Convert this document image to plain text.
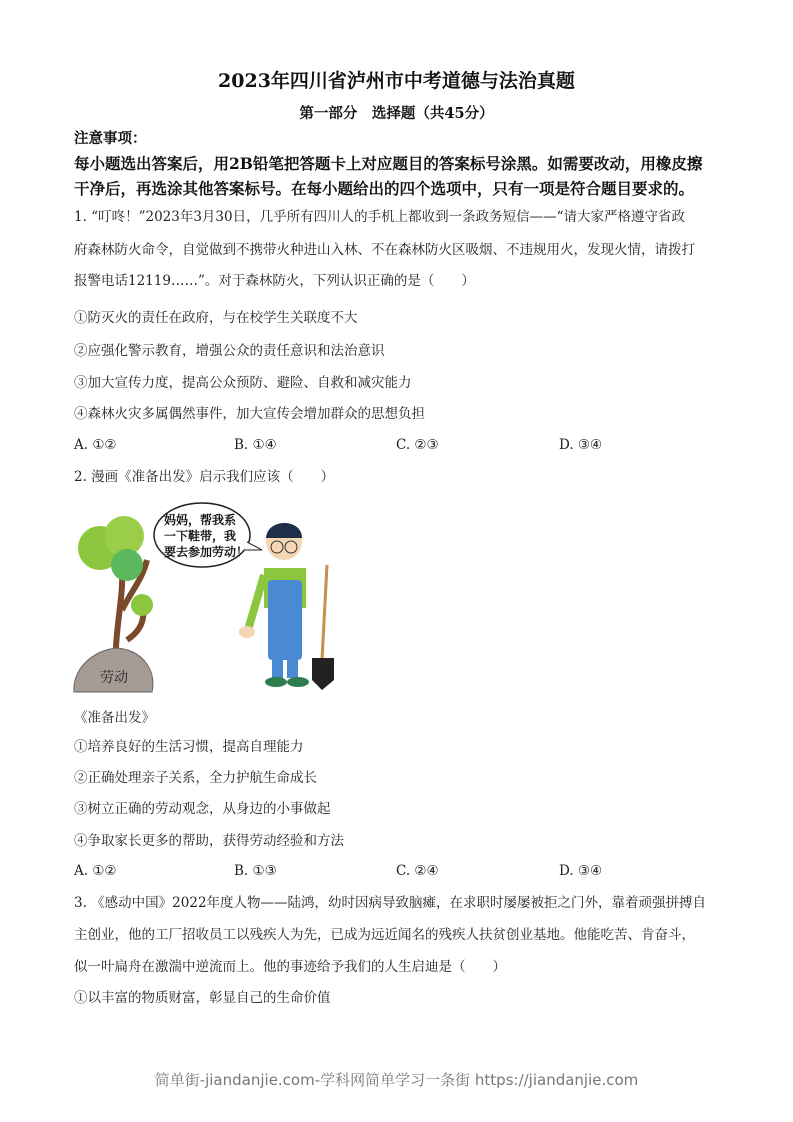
2023年四川省泸州市中考道德与法治真题
第一部分　选择题（共45分）
注意事项：
每小题选出答案后，用2B铅笔把答题卡上对应题目的答案标号涂黑。如需要改动，用橡皮擦
干净后，再选涂其他答案标号。在每小题给出的四个选项中，只有一项是符合题目要求的。
1. “叮咚！”2023年3月30日，几乎所有四川人的手机上都收到一条政务短信——“请大家严格遵守省政
府森林防火命令，自觉做到不携带火种进山入林、不在森林防火区吸烟、不违规用火，发现火情，请拨打
报警电话12119……”。对于森林防火，下列认识正确的是（　　）
①防灭火的责任在政府，与在校学生关联度不大
②应强化警示教育，增强公众的责任意识和法治意识
③加大宣传力度，提高公众预防、避险、自救和减灾能力
④森林火灾多属偶然事件，加大宣传会增加群众的思想负担
A. ①②	B. ①④	C. ②③	D. ③④
2. 漫画《准备出发》启示我们应该（　　）
劳动
妈妈，帮我系
一下鞋带，我
要去参加劳动！
《准备出发》
①培养良好的生活习惯，提高自理能力
②正确处理亲子关系，全力护航生命成长
③树立正确的劳动观念，从身边的小事做起
④争取家长更多的帮助，获得劳动经验和方法
A. ①②	B. ①③	C. ②④	D. ③④
3. 《感动中国》2022年度人物——陆鸿，幼时因病导致脑瘫，在求职时屡屡被拒之门外，靠着顽强拼搏自
主创业，他的工厂招收员工以残疾人为先，已成为远近闻名的残疾人扶贫创业基地。他能吃苦、肯奋斗，
似一叶扁舟在激湍中逆流而上。他的事迹给予我们的人生启迪是（　　）
①以丰富的物质财富，彰显自己的生命价值
简单街-jiandanjie.com-学科网简单学习一条街 https://jiandanjie.com
